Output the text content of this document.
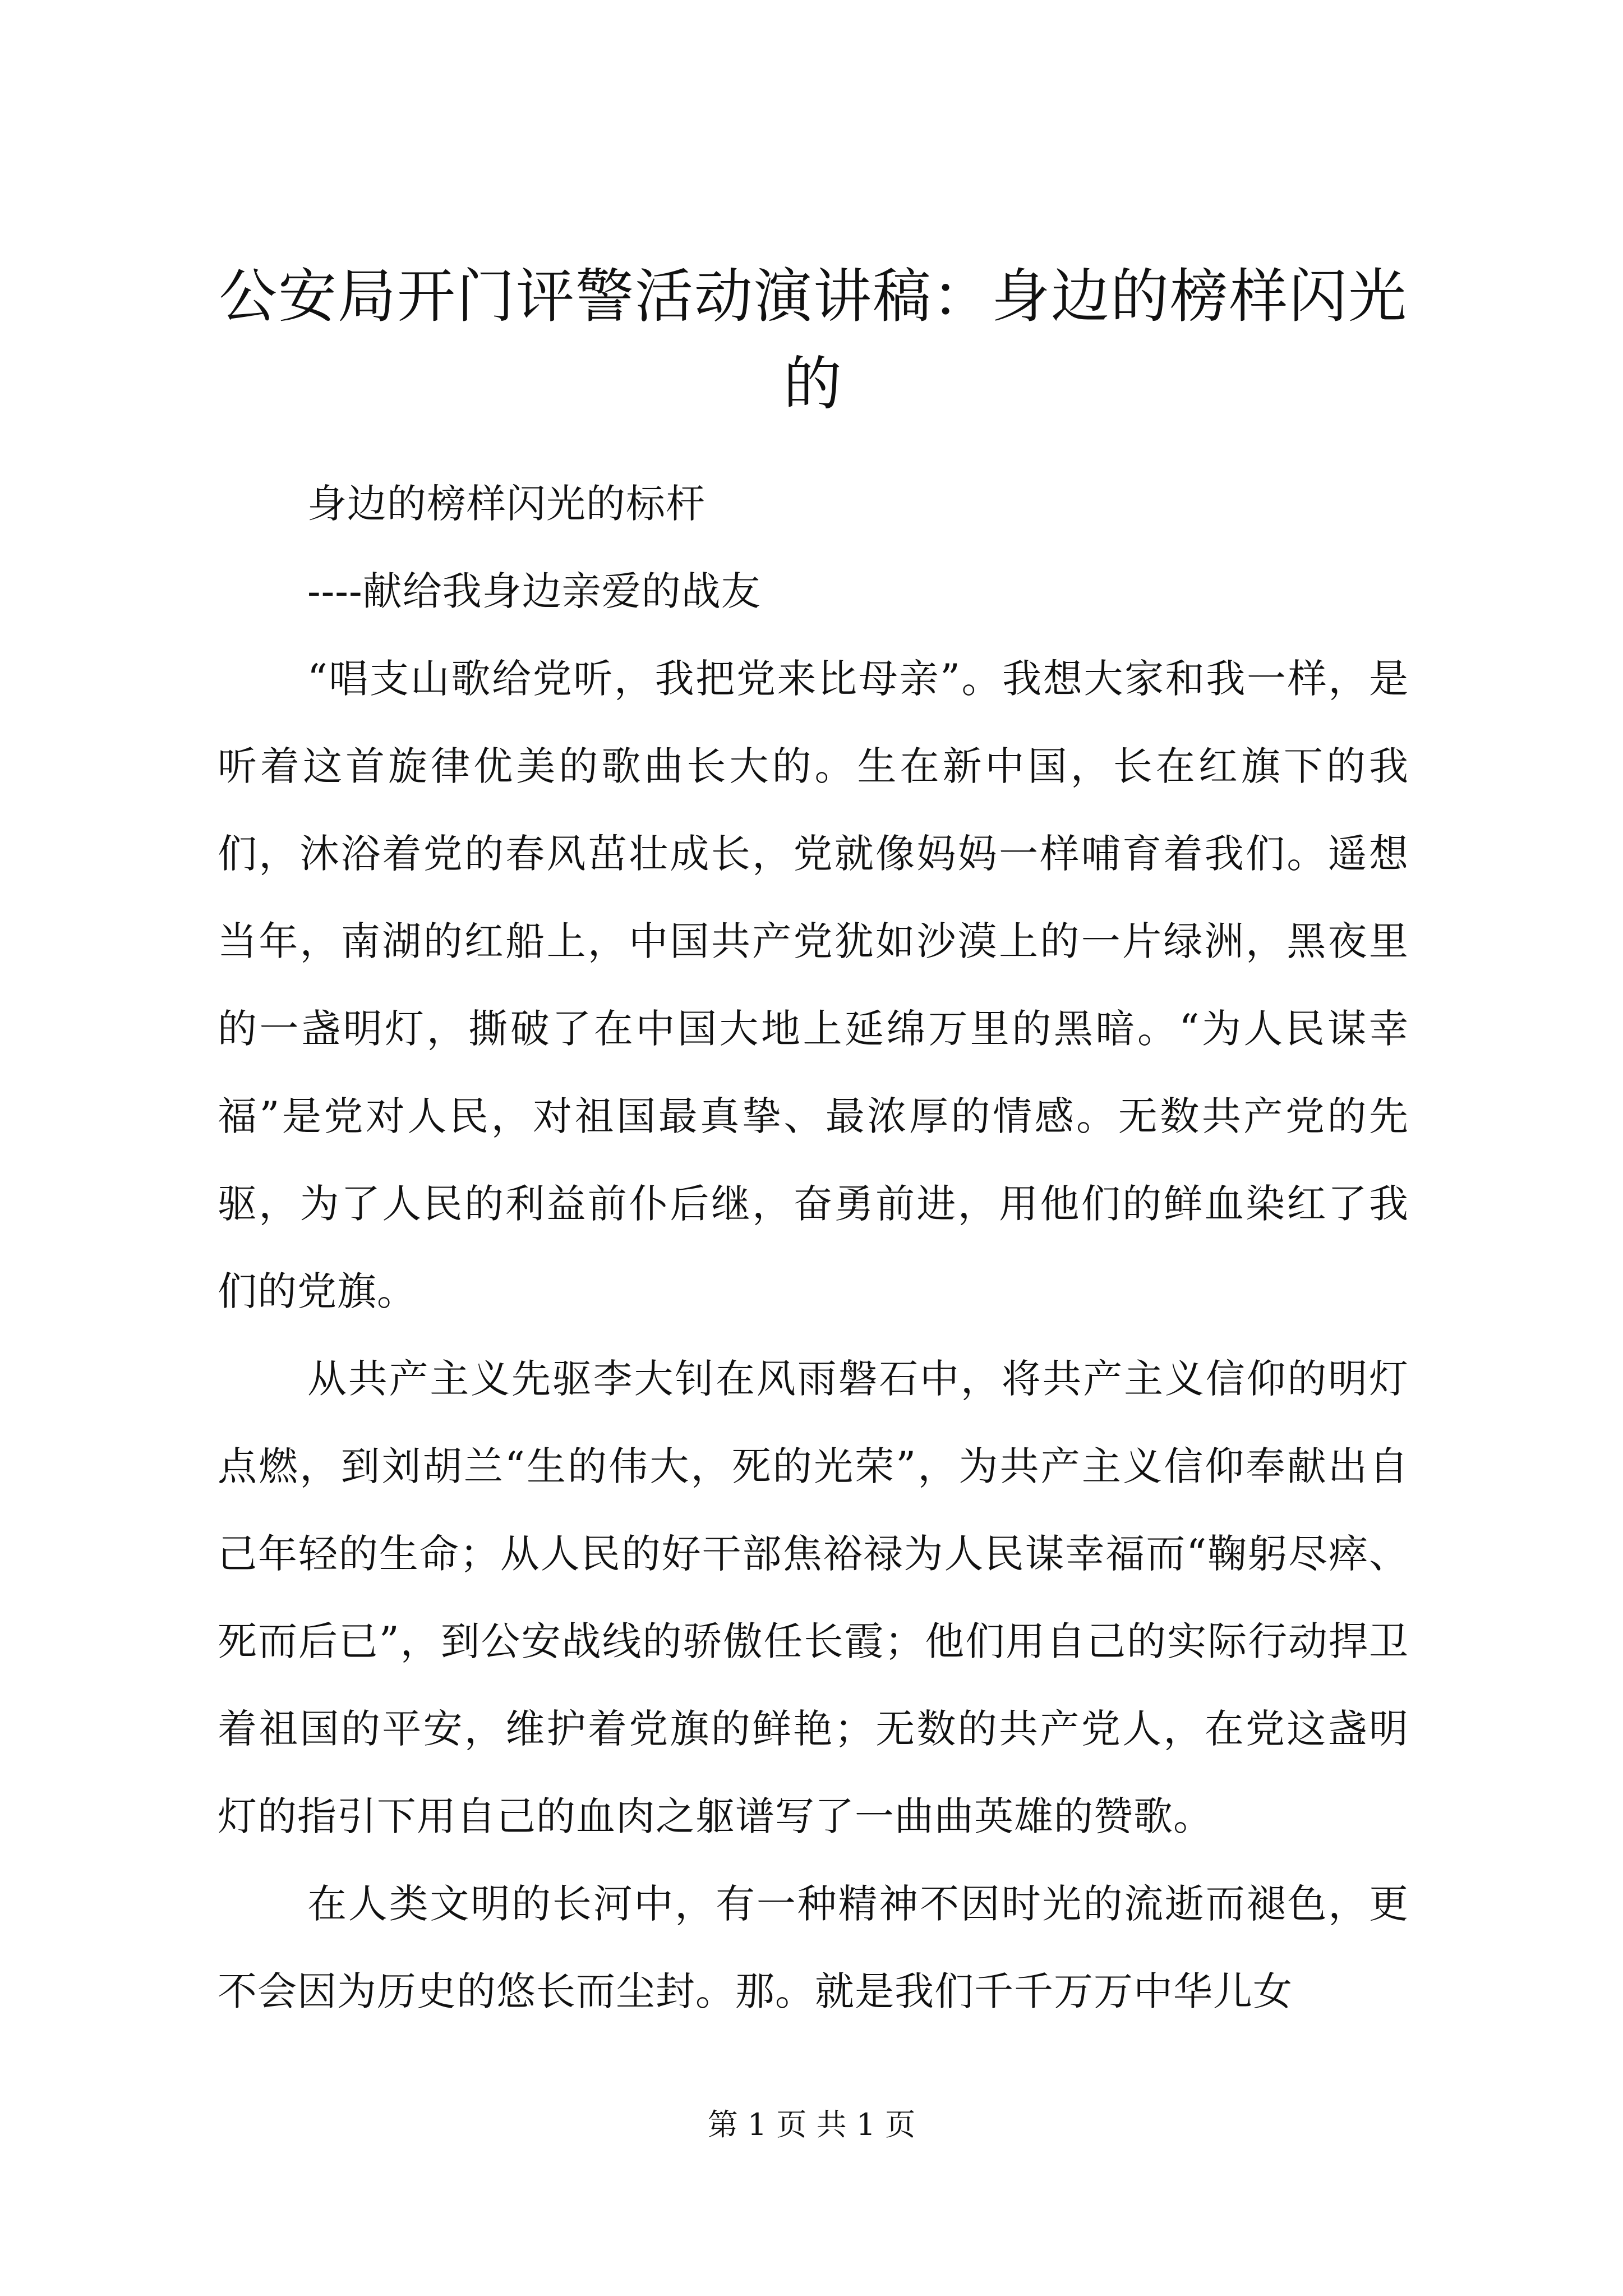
公安局开门评警活动演讲稿：身边的榜样闪光的

身边的榜样闪光的标杆

----献给我身边亲爱的战友

“唱支山歌给党听，我把党来比母亲”。我想大家和我一样，是听着这首旋律优美的歌曲长大的。生在新中国，长在红旗下的我们，沐浴着党的春风茁壮成长，党就像妈妈一样哺育着我们。遥想当年，南湖的红船上，中国共产党犹如沙漠上的一片绿洲，黑夜里的一盏明灯，撕破了在中国大地上延绵万里的黑暗。“为人民谋幸福”是党对人民，对祖国最真挚、最浓厚的情感。无数共产党的先驱，为了人民的利益前仆后继，奋勇前进，用他们的鲜血染红了我们的党旗。

从共产主义先驱李大钊在风雨磐石中，将共产主义信仰的明灯点燃，到刘胡兰“生的伟大，死的光荣”，为共产主义信仰奉献出自己年轻的生命；从人民的好干部焦裕禄为人民谋幸福而“鞠躬尽瘁、死而后已”，到公安战线的骄傲任长霞；他们用自己的实际行动捍卫着祖国的平安，维护着党旗的鲜艳；无数的共产党人，在党这盏明灯的指引下用自己的血肉之躯谱写了一曲曲英雄的赞歌。

在人类文明的长河中，有一种精神不因时光的流逝而褪色，更不会因为历史的悠长而尘封。那。就是我们千千万万中华儿女

第 1 页 共 1 页
